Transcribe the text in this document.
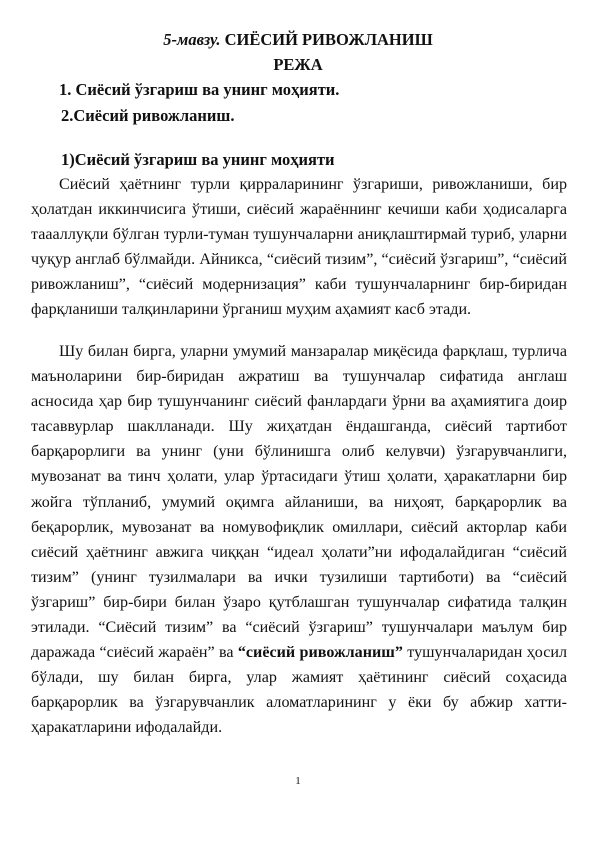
5-мавзу. СИЁСИЙ РИВОЖЛАНИШ
РЕЖА
1. Сиёсий ўзгариш ва унинг моҳияти.
2.Сиёсий ривожланиш.
1)Сиёсий ўзгариш ва унинг моҳияти

Сиёсий ҳаётнинг турли қирраларининг ўзгариши, ривожланиши, бир ҳолатдан иккинчисига ўтиши, сиёсий жараённинг кечиши каби ҳодисаларга таааллуқли бўлган турли-туман тушунчаларни аниқлаштирмай туриб, уларни чуқур англаб бўлмайди. Айникса, “сиёсий тизим”, “сиёсий ўзгариш”, “сиёсий ривожланиш”, “сиёсий модернизация” каби тушунчаларнинг бир-биридан фарқланиши талқинларини ўрганиш муҳим аҳамият касб этади.

Шу билан бирга, уларни умумий манзаралар миқёсида фарқлаш, турлича маъноларини бир-биридан ажратиш ва тушунчалар сифатида англаш асносида ҳар бир тушунчанинг сиёсий фанлардаги ўрни ва аҳамиятига доир тасаввурлар шаклланади. Шу жиҳатдан ёндашганда, сиёсий тартибот барқарорлиги ва унинг (уни бўлинишга олиб келувчи) ўзгарувчанлиги, мувозанат ва тинч ҳолати, улар ўртасидаги ўтиш ҳолати, ҳаракатларни бир жойга тўпланиб, умумий оқимга айланиши, ва ниҳоят, барқарорлик ва беқарорлик, мувозанат ва номувофиқлик омиллари, сиёсий акторлар каби сиёсий ҳаётнинг авжига чиққан “идеал ҳолати”ни ифодалайдиган “сиёсий тизим” (унинг тузилмалари ва ички тузилиши тартиботи) ва “сиёсий ўзгариш” бир-бири билан ўзаро қутблашган тушунчалар сифатида талқин этилади. “Сиёсий тизим” ва “сиёсий ўзгариш” тушунчалари маълум бир даражада “сиёсий жараён” ва “сиёсий ривожланиш” тушунчаларидан ҳосил бўлади, шу билан бирга, улар жамият ҳаётининг сиёсий соҳасида барқарорлик ва ўзгарувчанлик аломатларининг у ёки бу абжир хатти-ҳаракатларини ифодалайди.

1
